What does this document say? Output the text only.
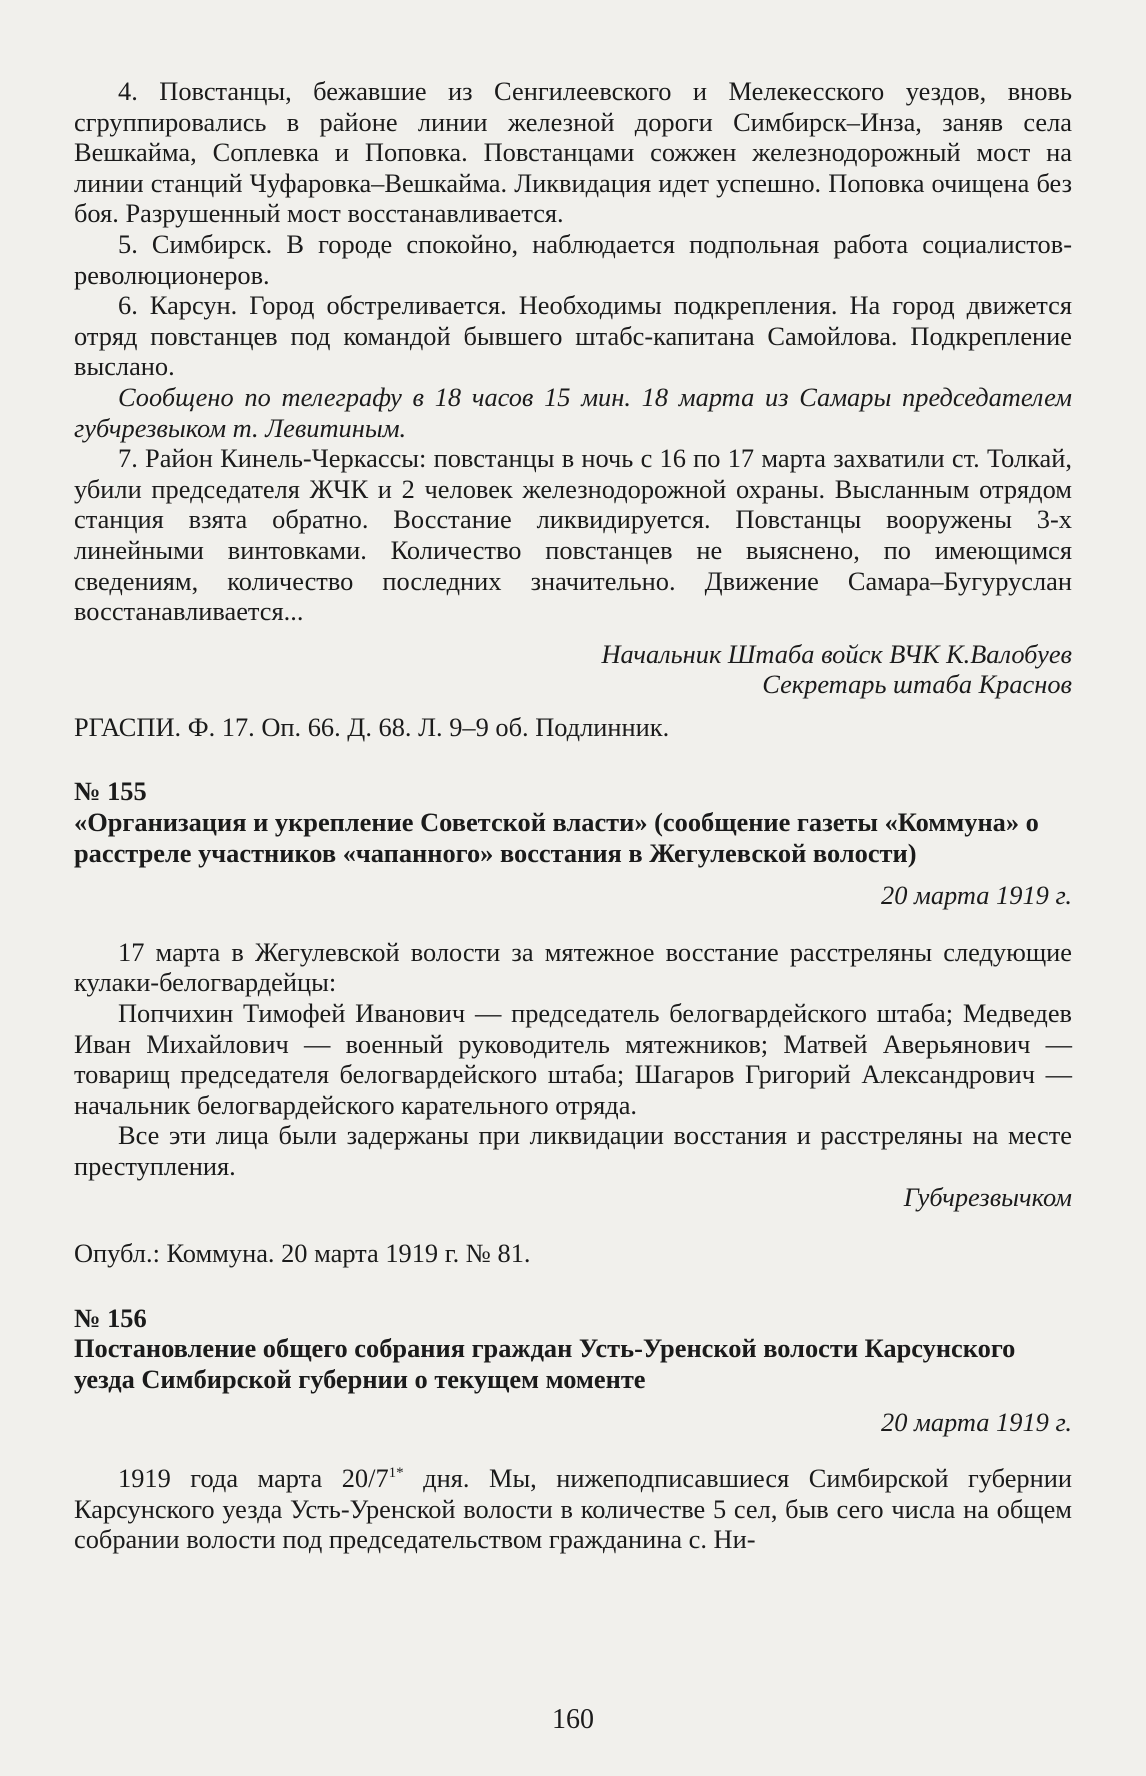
4. Повстанцы, бежавшие из Сенгилеевского и Мелекесского уездов, вновь сгруппировались в районе линии железной дороги Симбирск–Инза, заняв села Вешкайма, Соплевка и Поповка. Повстанцами сожжен железнодорожный мост на линии станций Чуфаровка–Вешкайма. Ликвидация идет успешно. Поповка очищена без боя. Разрушенный мост восстанавливается.

5. Симбирск. В городе спокойно, наблюдается подпольная работа социалистов-революционеров.

6. Карсун. Город обстреливается. Необходимы подкрепления. На город движется отряд повстанцев под командой бывшего штабс-капитана Самойлова. Подкрепление выслано.

Сообщено по телеграфу в 18 часов 15 мин. 18 марта из Самары председателем губчрезвыком т. Левитиным.

7. Район Кинель-Черкассы: повстанцы в ночь с 16 по 17 марта захватили ст. Толкай, убили председателя ЖЧК и 2 человек железнодорожной охраны. Высланным отрядом станция взята обратно. Восстание ликвидируется. Повстанцы вооружены 3-х линейными винтовками. Количество повстанцев не выяснено, по имеющимся сведениям, количество последних значительно. Движение Самара–Бугуруслан восстанавливается...

Начальник Штаба войск ВЧК К.Валобуев

Секретарь штаба Краснов

РГАСПИ. Ф. 17. Оп. 66. Д. 68. Л. 9–9 об. Подлинник.

№ 155

«Организация и укрепление Советской власти» (сообщение газеты «Коммуна» о расстреле участников «чапанного» восстания в Жегулевской волости)

20 марта 1919 г.

17 марта в Жегулевской волости за мятежное восстание расстреляны следующие кулаки-белогвардейцы:

Попчихин Тимофей Иванович — председатель белогвардейского штаба; Медведев Иван Михайлович — военный руководитель мятежников; Матвей Аверьянович — товарищ председателя белогвардейского штаба; Шагаров Григорий Александрович — начальник белогвардейского карательного отряда.

Все эти лица были задержаны при ликвидации восстания и расстреляны на месте преступления.

Губчрезвычком

Опубл.: Коммуна. 20 марта 1919 г. № 81.

№ 156

Постановление общего собрания граждан Усть-Уренской волости Карсунского уезда Симбирской губернии о текущем моменте

20 марта 1919 г.

1919 года марта $20/7^{1*}$ дня. Мы, нижеподписавшиеся Симбирской губернии Карсунского уезда Усть-Уренской волости в количестве 5 сел, быв сего числа на общем собрании волости под председательством гражданина с. Ни-

160
